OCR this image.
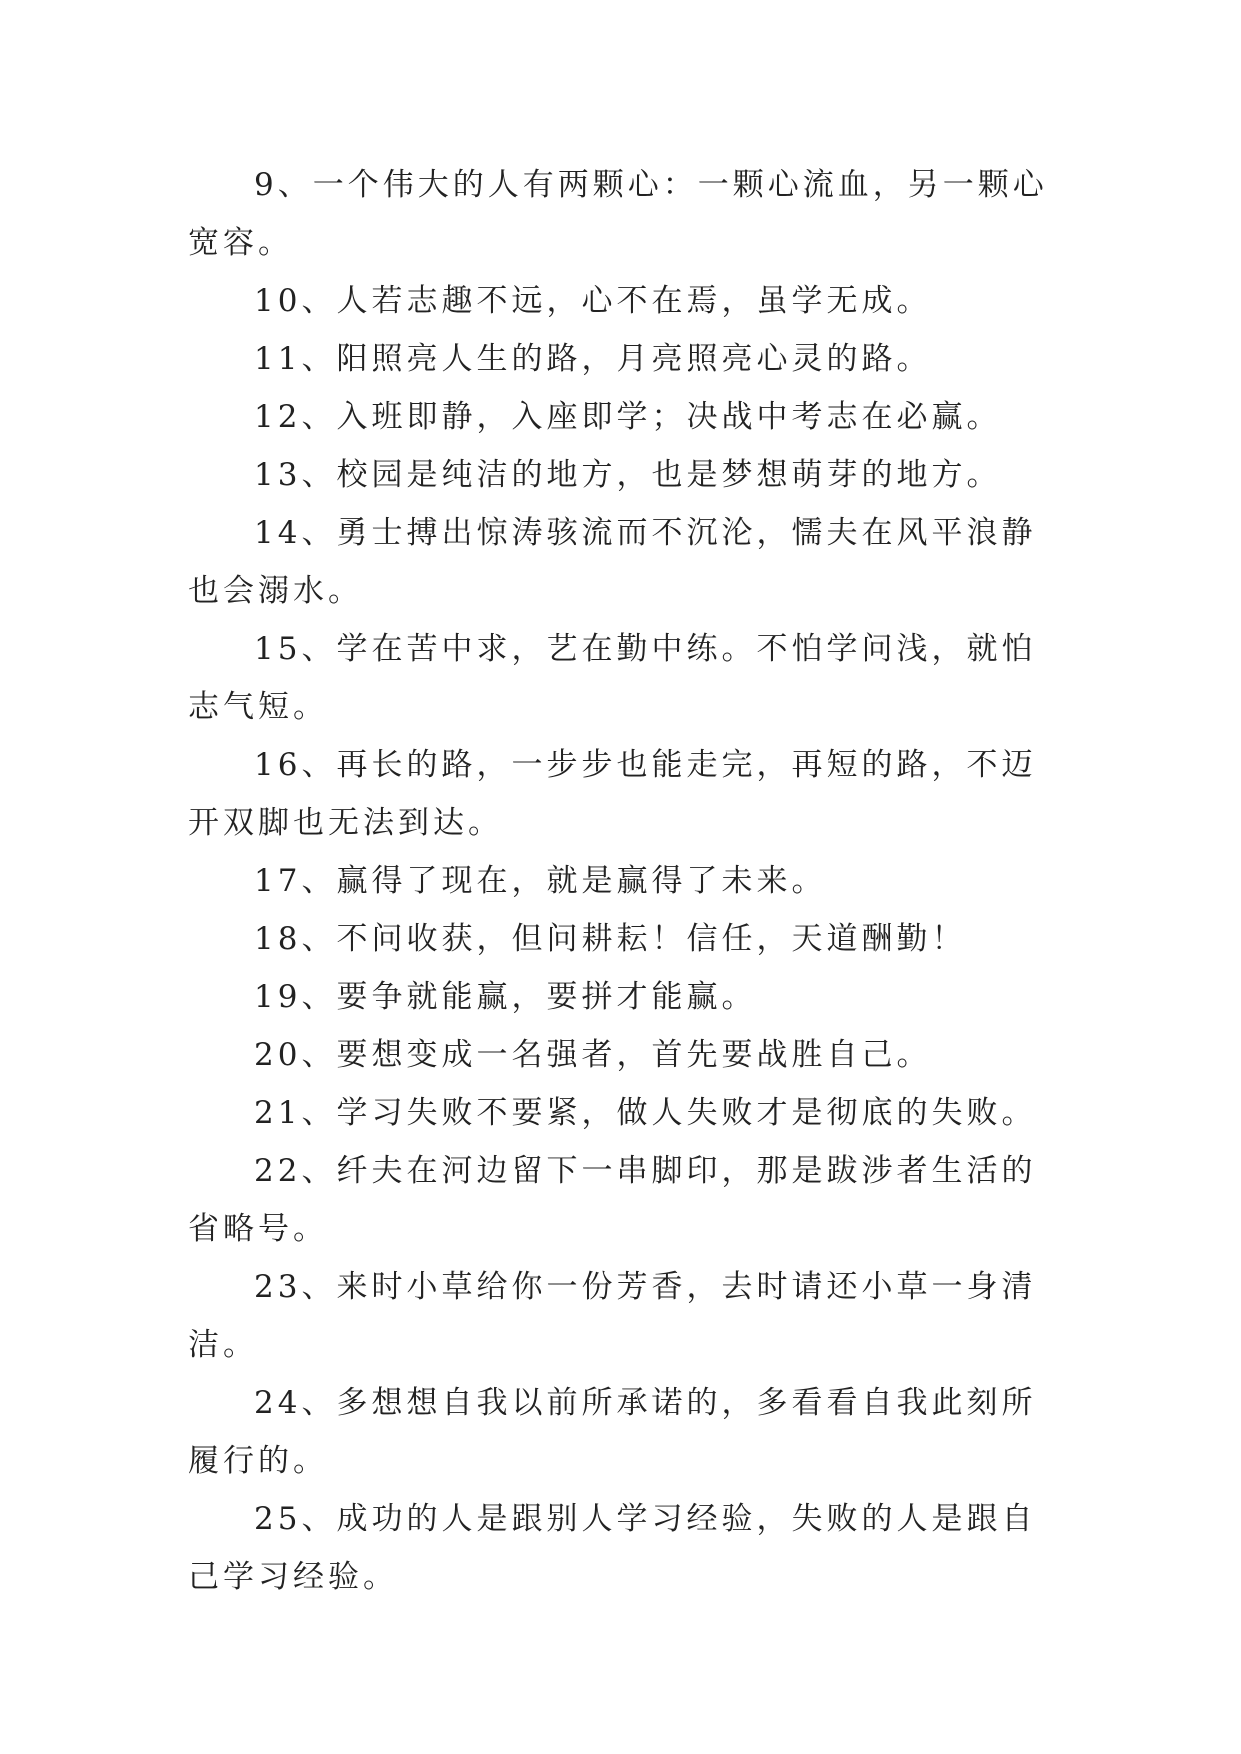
9、一个伟大的人有两颗心：一颗心流血，另一颗心宽容。

10、人若志趣不远，心不在焉，虽学无成。

11、阳照亮人生的路，月亮照亮心灵的路。

12、入班即静，入座即学；决战中考志在必赢。

13、校园是纯洁的地方，也是梦想萌芽的地方。

14、勇士搏出惊涛骇流而不沉沦，懦夫在风平浪静也会溺水。

15、学在苦中求，艺在勤中练。不怕学问浅，就怕志气短。

16、再长的路，一步步也能走完，再短的路，不迈开双脚也无法到达。

17、赢得了现在，就是赢得了未来。

18、不问收获，但问耕耘！信任，天道酬勤！

19、要争就能赢，要拼才能赢。

20、要想变成一名强者，首先要战胜自己。

21、学习失败不要紧，做人失败才是彻底的失败。

22、纤夫在河边留下一串脚印，那是跋涉者生活的省略号。

23、来时小草给你一份芳香，去时请还小草一身清洁。

24、多想想自我以前所承诺的，多看看自我此刻所履行的。

25、成功的人是跟别人学习经验，失败的人是跟自己学习经验。
